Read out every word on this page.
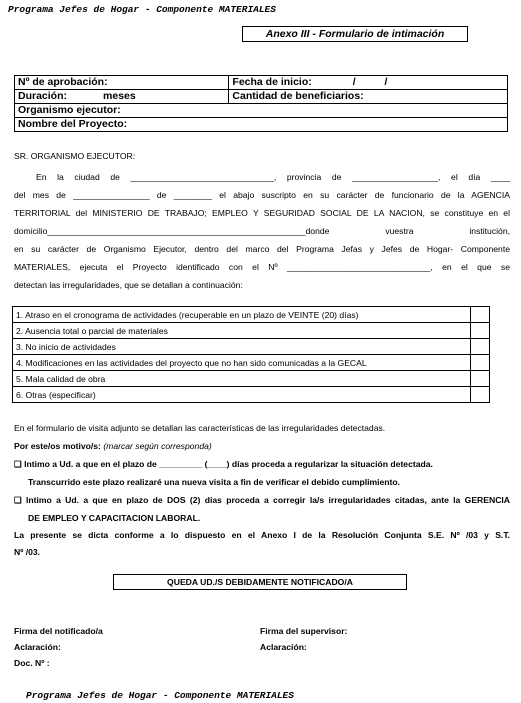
Programa Jefes de Hogar - Componente MATERIALES
Anexo III - Formulario de intimación
Nº de aprobación:	Fecha de inicio: / /
Duración: meses	Cantidad de beneficiarios:
Organismo ejecutor:	
Nombre del Proyecto:	
SR. ORGANISMO EJECUTOR:
En la ciudad de ______________________________, provincia de __________________, el día ____
del mes de ________________ de ________ el abajo suscripto en su carácter de funcionario de la AGENCIA
TERRITORIAL del MINISTERIO DE TRABAJO; EMPLEO Y SEGURIDAD SOCIAL DE LA NACION, se constituye en el
domicilio______________________________________________________donde vuestra institución,
en su carácter de Organismo Ejecutor, dentro del marco del Programa Jefas y Jefes de Hogar- Componente
MATERIALES, ejecuta el Proyecto identificado con el Nº ______________________________, en el que se
detectan las irregularidades, que se detallan a continuación:
1. Atraso en el cronograma de actividades (recuperable en un plazo de VEINTE (20) días)	
2. Ausencia total o parcial de materiales	
3. No inicio de actividades	
4. Modificaciones en las actividades del proyecto que no han sido comunicadas a la GECAL	
5. Mala calidad de obra	
6. Otras (especificar)	
En el formulario de visita adjunto se detallan las características de las irregularidades detectadas.
Por este/os motivo/s: (marcar según corresponda)
❑ Intimo a Ud. a que en el plazo de _________ (____) días proceda a regularizar la situación detectada.
Transcurrido este plazo realizaré una nueva visita a fin de verificar el debido cumplimiento.
❑ Intimo a Ud. a que en plazo de DOS (2) días proceda a corregir la/s irregularidades citadas, ante la GERENCIA
DE EMPLEO Y CAPACITACION LABORAL.
La presente se dicta conforme a lo dispuesto en el Anexo I de la Resolución Conjunta S.E. Nº /03 y S.T.
Nº /03.
QUEDA UD./S DEBIDAMENTE NOTIFICADO/A
Firma del notificado/a	Firma del supervisor:
Aclaración:	Aclaración:
Doc. Nº :
Programa Jefes de Hogar - Componente MATERIALES
